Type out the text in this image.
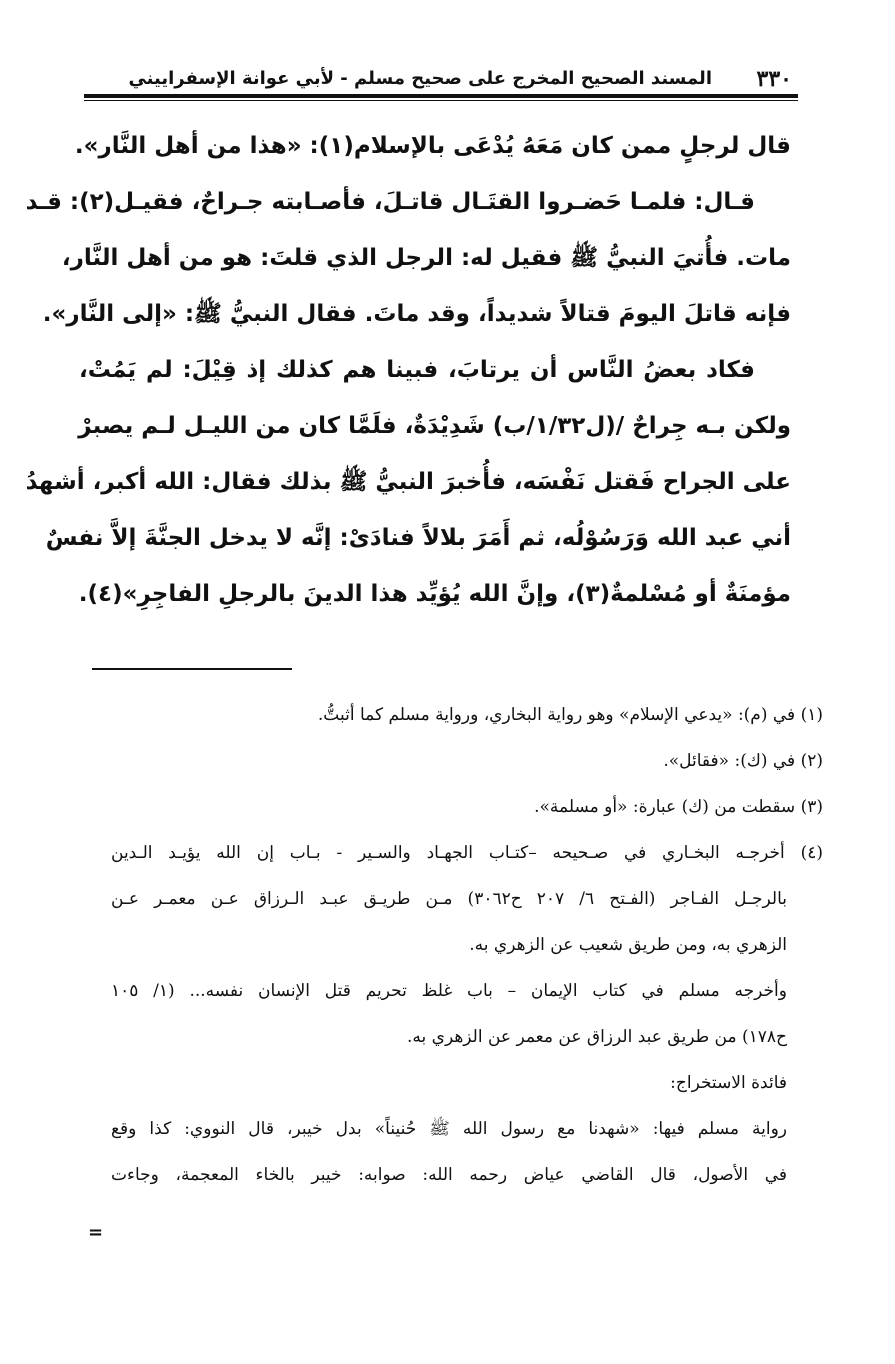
٣٣٠
المسند الصحيح المخرج على صحيح مسلم - لأبي عوانة الإسفراييني
قال لرجلٍ ممن كان مَعَهُ يُدْعَى بالإسلام(١): «هذا من أهل النَّار».
قـال: فلمـا حَضـروا القتَـال قاتـلَ، فأصـابته جـراحٌ، فقيـل(٢): قـد
مات. فأُتيَ النبيُّ ﷺ فقيل له: الرجل الذي قلتَ: هو من أهل النَّار،
فإنه قاتلَ اليومَ قتالاً شديداً، وقد ماتَ. فقال النبيُّ ﷺ: «إلى النَّار».
فكاد بعضُ النَّاس أن يرتابَ، فبينا هم كذلك إذ قِيْلَ: لم يَمُتْ،
ولكن بـه جِراحٌ /(ل١/٣٢/ب) شَدِيْدَةٌ، فلَمَّا كان من الليـل لـم يصبرْ
على الجراح فَقتل نَفْسَه، فأُخبرَ النبيُّ ﷺ بذلك فقال: الله أكبر، أشهدُ
أني عبد الله وَرَسُوْلُه، ثم أَمَرَ بلالاً فنادَىْ: إنَّه لا يدخل الجنَّةَ إلاَّ نفسٌ
مؤمنَةٌ أو مُسْلمةٌ(٣)، وإنَّ الله يُؤيِّد هذا الدينَ بالرجلِ الفاجِرِ»(٤).
(١) في (م): «يدعي الإسلام» وهو رواية البخاري، ورواية مسلم كما أثبتُّ.
(٢) في (ك): «فقائل».
(٣) سقطت من (ك) عبارة: «أو مسلمة».
(٤) أخرجـه البخـاري في صـحيحه –كتـاب الجهـاد والسـير - بـاب إن الله يؤيـد الـدين
بالرجـل الفـاجر (الفـتح ٦/ ٢٠٧ ح٣٠٦٢) مـن طريـق عبـد الـرزاق عـن معمـر عـن
الزهري به، ومن طريق شعيب عن الزهري به.
وأخرجه مسلم في كتاب الإيمان – باب غلظ تحريم قتل الإنسان نفسه... (١/ ١٠٥
ح١٧٨) من طريق عبد الرزاق عن معمر عن الزهري به.
فائدة الاستخراج:
رواية مسلم فيها: «شهدنا مع رسول الله ﷺ حُنيناً» بدل خيبر، قال النووي: كذا وقع
في الأصول، قال القاضي عياض رحمه الله: صوابه: خيبر بالخاء المعجمة، وجاءت
=
